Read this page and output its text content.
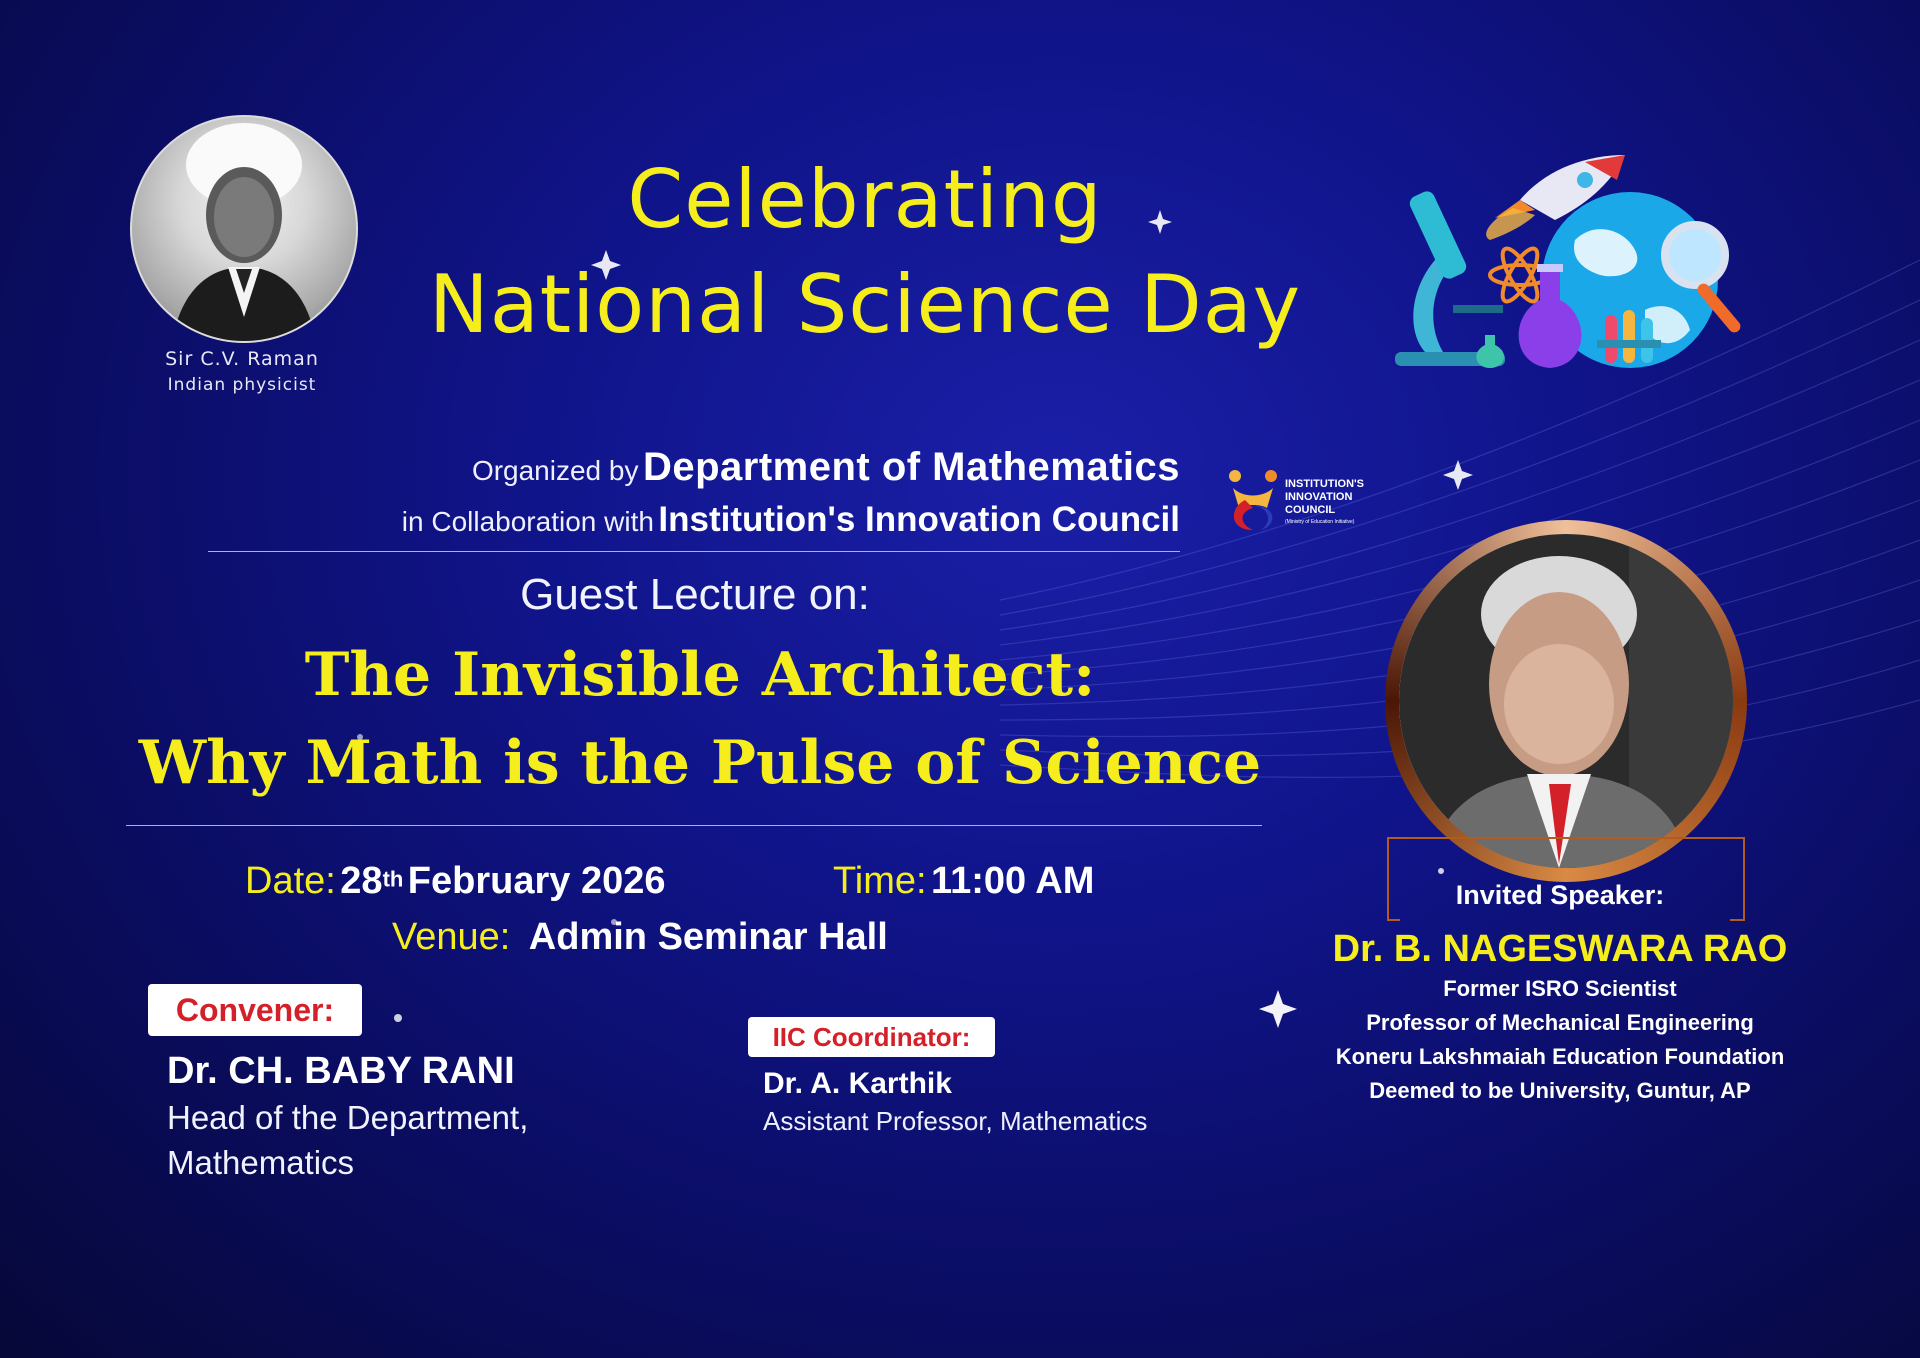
Sir C.V. Raman
Indian physicist
Celebrating
National Science Day
Organized by Department of Mathematics
in Collaboration with Institution's Innovation Council
INSTITUTION'S
INNOVATION
COUNCIL
(Ministry of Education Initiative)
Guest Lecture on:
The Invisible Architect:
Why Math is the Pulse of Science
Date: 28th February 2026	Time: 11:00 AM
Venue: Admin Seminar Hall
Convener:
Dr. CH. BABY RANI
Head of the Department,
Mathematics
IIC Coordinator:
Dr. A. Karthik
Assistant Professor, Mathematics
Invited Speaker:
Dr. B. NAGESWARA RAO
Former ISRO Scientist
Professor of Mechanical Engineering
Koneru Lakshmaiah Education Foundation
Deemed to be University, Guntur, AP
